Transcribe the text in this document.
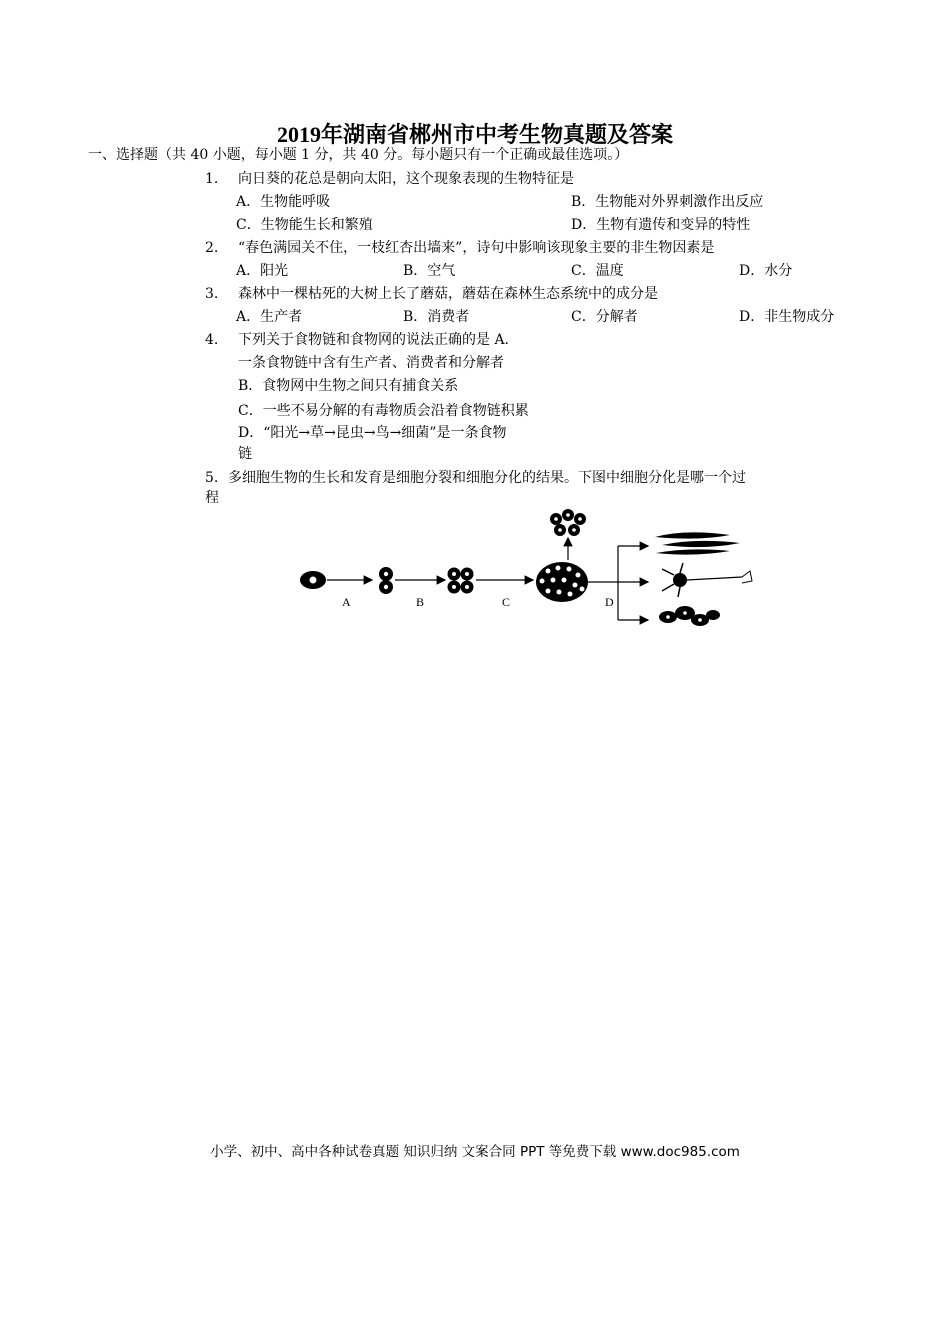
2019年湖南省郴州市中考生物真题及答案
一、选择题（共 40 小题，每小题 1 分，共 40 分。每小题只有一个正确或最佳选项。）
1. 向日葵的花总是朝向太阳，这个现象表现的生物特征是
A．生物能呼吸	B．生物能对外界刺激作出反应
C．生物能生长和繁殖	D．生物有遗传和变异的特性
2. “春色满园关不住，一枝红杏出墙来”，诗句中影响该现象主要的非生物因素是
A．阳光	B．空气	C．温度	D．水分
3. 森林中一棵枯死的大树上长了蘑菇，蘑菇在森林生态系统中的成分是
A．生产者	B．消费者	C．分解者	D．非生物成分
4. 下列关于食物链和食物网的说法正确的是 A.
一条食物链中含有生产者、消费者和分解者
B．食物网中生物之间只有捕食关系
C．一些不易分解的有毒物质会沿着食物链积累
D．“阳光→草→昆虫→鸟→细菌”是一条食物
链
5. 多细胞生物的生长和发育是细胞分裂和细胞分化的结果。下图中细胞分化是哪一个过
程
A	B	C	D
小学、初中、高中各种试卷真题 知识归纳 文案合同 PPT 等免费下载 www.doc985.com
